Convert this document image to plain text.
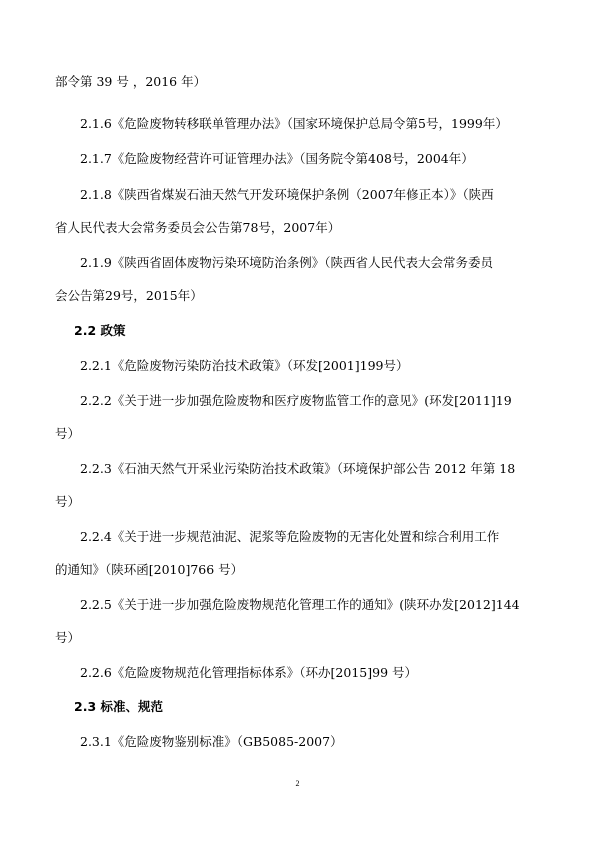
部令第 39 号 ，2016 年）
2.1.6《危险废物转移联单管理办法》（国家环境保护总局令第5号，1999年）
2.1.7《危险废物经营许可证管理办法》（国务院令第408号，2004年）
2.1.8《陕西省煤炭石油天然气开发环境保护条例（2007年修正本）》（陕西
省人民代表大会常务委员会公告第78号，2007年）
2.1.9《陕西省固体废物污染环境防治条例》（陕西省人民代表大会常务委员
会公告第29号，2015年）
2.2 政策
2.2.1《危险废物污染防治技术政策》（环发[2001]199号）
2.2.2《关于进一步加强危险废物和医疗废物监管工作的意见》(环发[2011]19
号）
2.2.3《石油天然气开采业污染防治技术政策》（环境保护部公告 2012 年第 18
号）
2.2.4《关于进一步规范油泥、泥浆等危险废物的无害化处置和综合利用工作
的通知》（陕环函[2010]766 号）
2.2.5《关于进一步加强危险废物规范化管理工作的通知》(陕环办发[2012]144
号）
2.2.6《危险废物规范化管理指标体系》（环办[2015]99 号）
2.3 标准、规范
2.3.1《危险废物鉴别标准》（GB5085-2007）
2
